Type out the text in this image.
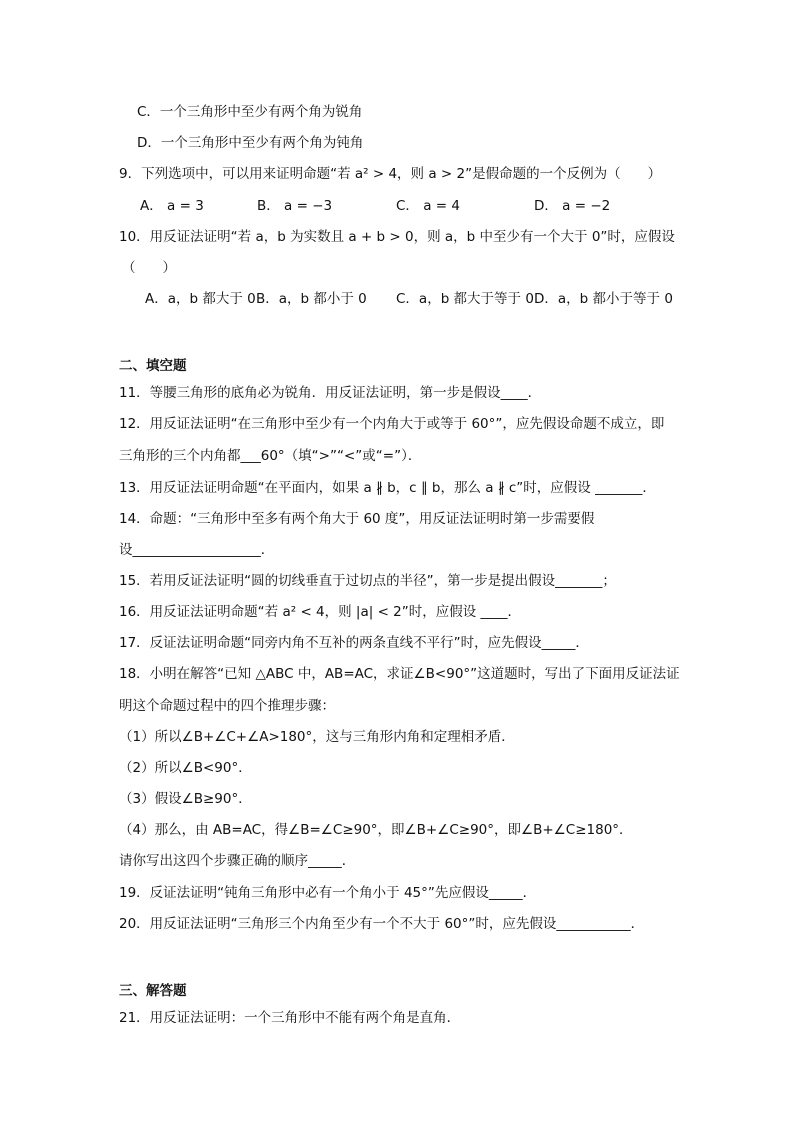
C．一个三角形中至少有两个角为锐角
D．一个三角形中至少有两个角为钝角
9．下列选项中，可以用来证明命题“若 a² > 4，则 a > 2”是假命题的一个反例为（　　）
A． a = 3	B． a = −3	C． a = 4	D． a = −2
10．用反证法证明“若 a，b 为实数且 a + b > 0，则 a，b 中至少有一个大于 0”时，应假设
（　　）
A．a，b 都大于 0 B．a，b 都小于 0 C．a，b 都大于等于 0 D．a，b 都小于等于 0
二、填空题
11．等腰三角形的底角必为锐角．用反证法证明，第一步是假设____．
12．用反证法证明“在三角形中至少有一个内角大于或等于 60°”，应先假设命题不成立，即
三角形的三个内角都___60°（填“>”“<”或“=”）．
13．用反证法证明命题“在平面内，如果 a ∦ b，c ∥ b，那么 a ∦ c”时，应假设 _______．
14．命题：“三角形中至多有两个角大于 60 度”，用反证法证明时第一步需要假
设___________________．
15．若用反证法证明“圆的切线垂直于过切点的半径”，第一步是提出假设_______；
16．用反证法证明命题“若 a² < 4，则 |a| < 2”时，应假设 ____．
17．反证法证明命题“同旁内角不互补的两条直线不平行”时，应先假设_____．
18．小明在解答“已知 △ABC 中，AB=AC，求证∠B<90°”这道题时，写出了下面用反证法证
明这个命题过程中的四个推理步骤：
（1）所以∠B+∠C+∠A>180°，这与三角形内角和定理相矛盾．
（2）所以∠B<90°．
（3）假设∠B≥90°．
（4）那么，由 AB=AC，得∠B=∠C≥90°，即∠B+∠C≥90°，即∠B+∠C≥180°．
请你写出这四个步骤正确的顺序_____．
19．反证法证明“钝角三角形中必有一个角小于 45°”先应假设_____．
20．用反证法证明“三角形三个内角至少有一个不大于 60°”时，应先假设___________．
三、解答题
21．用反证法证明：一个三角形中不能有两个角是直角．
